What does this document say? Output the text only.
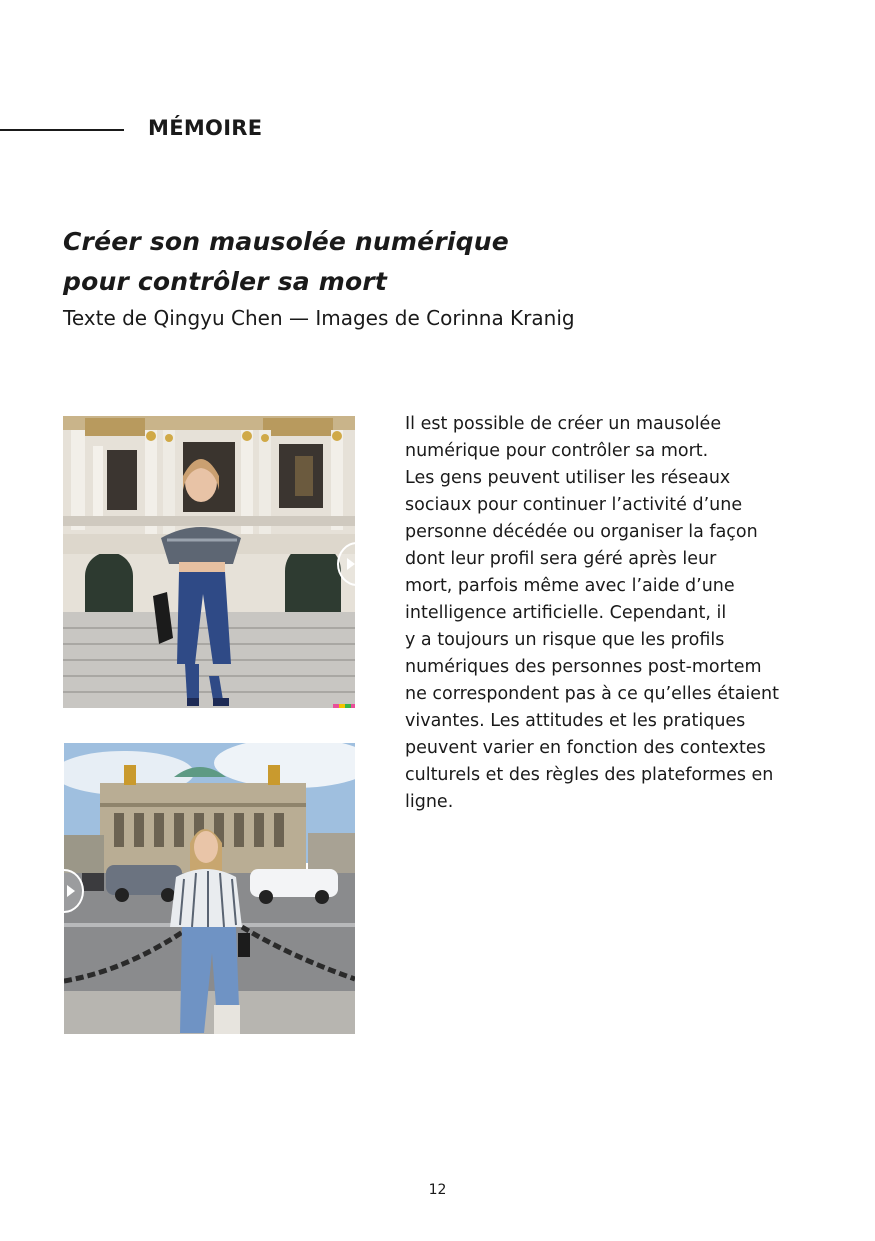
MÉMOIRE
Créer son mausolée numérique
pour contrôler sa mort
Texte de Qingyu Chen — Images de Corinna Kranig
Il est possible de créer un mausolée
numérique pour contrôler sa mort.
Les gens peuvent utiliser les réseaux
sociaux pour continuer l’activité d’une
personne décédée ou organiser la façon
dont leur profil sera géré après leur
mort, parfois même avec l’aide d’une
intelligence artificielle. Cependant, il
y a toujours un risque que les profils
numériques des personnes post-mortem
ne correspondent pas à ce qu’elles étaient
vivantes. Les attitudes et les pratiques
peuvent varier en fonction des contextes
culturels et des règles des plateformes en
ligne.
12
